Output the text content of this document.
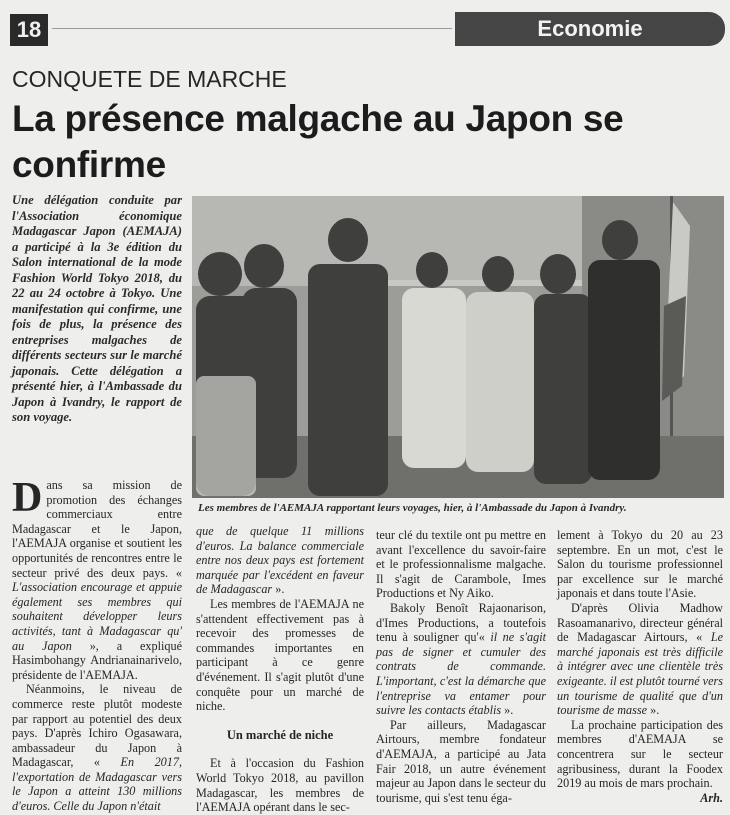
18	Economie
CONQUETE DE MARCHE
La présence malgache au Japon se confirme
Une délégation conduite par l'Association économique Madagascar Japon (AEMAJA) a participé à la 3e édition du Salon international de la mode Fashion World Tokyo 2018, du 22 au 24 octobre à Tokyo. Une manifestation qui confirme, une fois de plus, la présence des entreprises malgaches de différents secteurs sur le marché japonais. Cette délégation a présenté hier, à l'Ambassade du Japon à Ivandry, le rapport de son voyage.
Les membres de l'AEMAJA rapportant leurs voyages, hier, à l'Ambassade du Japon à Ivandry.

Dans sa mission de promotion des échanges commerciaux entre Madagascar et le Japon, l'AEMAJA organise et soutient les opportunités de rencontres entre le secteur privé des deux pays. « L'association encourage et appuie également ses membres qui souhaitent développer leurs activités, tant à Madagascar qu' au Japon », a expliqué Hasimbohangy Andrianainarivelo, présidente de l'AEMAJA.

Néanmoins, le niveau de commerce reste plutôt modeste par rapport au potentiel des deux pays. D'après Ichiro Ogasawara, ambassadeur du Japon à Madagascar, « En 2017, l'exportation de Madagascar vers le Japon a atteint 130 millions d'euros. Celle du Japon n'était

que de quelque 11 millions d'euros. La balance commerciale entre nos deux pays est fortement marquée par l'excédent en faveur de Madagascar ».

Les membres de l'AEMAJA ne s'attendent effectivement pas à recevoir des promesses de commandes importantes en participant à ce genre d'événement. Il s'agit plutôt d'une conquête pour un marché de niche.

Un marché de niche

Et à l'occasion du Fashion World Tokyo 2018, au pavillon Madagascar, les membres de l'AEMAJA opérant dans le sec-

teur clé du textile ont pu mettre en avant l'excellence du savoir-faire et le professionnalisme malgache. Il s'agit de Carambole, Imes Productions et Ny Aiko.

Bakoly Benoît Rajaonarison, d'Imes Productions, a toutefois tenu à souligner qu'« il ne s'agit pas de signer et cumuler des contrats de commande. L'important, c'est la démarche que l'entreprise va entamer pour suivre les contacts établis ».

Par ailleurs, Madagascar Airtours, membre fondateur d'AEMAJA, a participé au Jata Fair 2018, un autre événement majeur au Japon dans le secteur du tourisme, qui s'est tenu éga-

lement à Tokyo du 20 au 23 septembre. En un mot, c'est le Salon du tourisme professionnel par excellence sur le marché japonais et dans toute l'Asie.

D'après Olivia Madhow Rasoamanarivo, directeur général de Madagascar Airtours, « Le marché japonais est très difficile à intégrer avec une clientèle très exigeante. il est plutôt tourné vers un tourisme de qualité que d'un tourisme de masse ».

La prochaine participation des membres d'AEMAJA se concentrera sur le secteur agribusiness, durant la Foodex 2019 au mois de mars prochain.

Arh.
